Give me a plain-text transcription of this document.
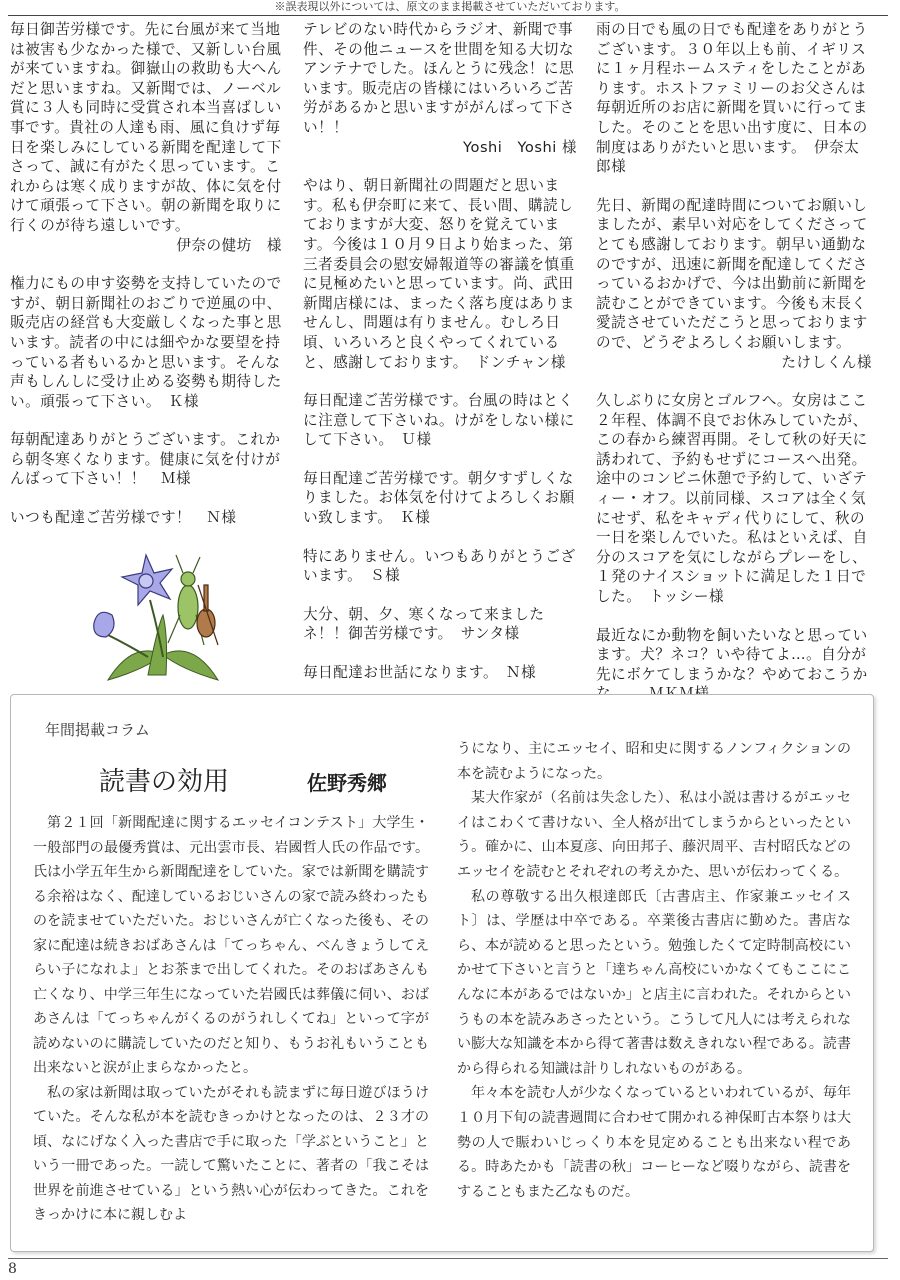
※誤表現以外については、原文のまま掲載させていただいております。
毎日御苦労様です。先に台風が来て当地は被害も少なかった様で、又新しい台風が来ていますね。御嶽山の救助も大へんだと思いますね。又新聞では、ノーベル賞に３人も同時に受賞され本当喜ばしい事です。貴社の人達も雨、風に負けず毎日を楽しみにしている新聞を配達して下さって、誠に有がたく思っています。これからは寒く成りますが故、体に気を付けて頑張って下さい。朝の新聞を取りに行くのが待ち遠しいです。
伊奈の健坊　様
権力にもの申す姿勢を支持していたのですが、朝日新聞社のおごりで逆風の中、販売店の経営も大変厳しくなった事と思います。読者の中には細やかな要望を持っている者もいるかと思います。そんな声もしんしに受け止める姿勢も期待したい。頑張って下さい。　Ｋ様
毎朝配達ありがとうございます。これから朝冬寒くなります。健康に気を付けがんばって下さい！！　Ｍ様
いつも配達ご苦労様です！　Ｎ様
テレビのない時代からラジオ、新聞で事件、その他ニュースを世間を知る大切なアンテナでした。ほんとうに残念！に思います。販売店の皆様にはいろいろご苦労があるかと思いますががんばって下さい！！
Yoshi　Yoshi 様
やはり、朝日新聞社の問題だと思います。私も伊奈町に来て、長い間、購読しておりますが大変、怒りを覚えています。今後は１０月９日より始まった、第三者委員会の慰安婦報道等の審議を慎重に見極めたいと思っています。尚、武田新聞店様には、まったく落ち度はありませんし、問題は有りません。むしろ日頃、いろいろと良くやってくれていると、感謝しております。　ドンチャン様
毎日配達ご苦労様です。台風の時はとくに注意して下さいね。けがをしない様にして下さい。　Ｕ様
毎日配達ご苦労様です。朝夕すずしくなりました。お体気を付けてよろしくお願い致します。　Ｋ様
特にありません。いつもありがとうございます。　Ｓ様
大分、朝、夕、寒くなって来ましたネ！！御苦労様です。　サンタ様
毎日配達お世話になります。　Ｎ様
雨の日でも風の日でも配達をありがとうございます。３０年以上も前、イギリスに１ヶ月程ホームスティをしたことがあります。ホストファミリーのお父さんは毎朝近所のお店に新聞を買いに行ってました。そのことを思い出す度に、日本の制度はありがたいと思います。　伊奈太郎様
先日、新聞の配達時間についてお願いしましたが、素早い対応をしてくださってとても感謝しております。朝早い通勤なのですが、迅速に新聞を配達してくださっているおかげで、今は出勤前に新聞を読むことができています。今後も末長く愛読させていただこうと思っておりますので、どうぞよろしくお願いします。
たけしくん様
久しぶりに女房とゴルフへ。女房はここ２年程、体調不良でお休みしていたが、この春から練習再開。そして秋の好天に誘われて、予約もせずにコースへ出発。途中のコンビニ休憩で予約して、いざティー・オフ。以前同様、スコアは全く気にせず、私をキャディ代りにして、秋の一日を楽しんでいた。私はといえば、自分のスコアを気にしながらプレーをし、１発のナイスショットに満足した１日でした。　トッシー様
最近なにか動物を飼いたいなと思っています。犬？ネコ？いや待てよ…。自分が先にボケてしまうかな？やめておこうか　
年間掲載コラム
読書の効用	佐野秀郷

第２１回「新聞配達に関するエッセイコンテスト」大学生・一般部門の最優秀賞は、元出雲市長、岩國哲人氏の作品です。氏は小学五年生から新聞配達をしていた。家では新聞を購読する余裕はなく、配達しているおじいさんの家で読み終わったものを読ませていただいた。おじいさんが亡くなった後も、その家に配達は続きおばあさんは「てっちゃん、べんきょうしてえらい子になれよ」とお茶まで出してくれた。そのおばあさんも亡くなり、中学三年生になっていた岩國氏は葬儀に伺い、おばあさんは「てっちゃんがくるのがうれしくてね」といって字が読めないのに購読していたのだと知り、もうお礼もいうことも出来ないと涙が止まらなかったと。

私の家は新聞は取っていたがそれも読まずに毎日遊びほうけていた。そんな私が本を読むきっかけとなったのは、２３才の頃、なにげなく入った書店で手に取った「学ぶということ」という一冊であった。一読して驚いたことに、著者の「我こそは世界を前進させている」という熱い心が伝わってきた。これをきっかけに本に親しむよ

うになり、主にエッセイ、昭和史に関するノンフィクションの本を読むようになった。

某大作家が（名前は失念した）、私は小説は書けるがエッセイはこわくて書けない、全人格が出てしまうからといったという。確かに、山本夏彦、向田邦子、藤沢周平、吉村昭氏などのエッセイを読むとそれぞれの考えかた、思いが伝わってくる。

私の尊敬する出久根達郎氏〔古書店主、作家兼エッセイスト〕は、学歴は中卒である。卒業後古書店に勤めた。書店なら、本が読めると思ったという。勉強したくて定時制高校にいかせて下さいと言うと「達ちゃん高校にいかなくてもここにこんなに本があるではないか」と店主に言われた。それからというもの本を読みあさったという。こうして凡人には考えられない膨大な知識を本から得て著書は数えきれない程である。読書から得られる知識は計りしれないものがある。

年々本を読む人が少なくなっているといわれているが、毎年１０月下旬の読書週間に合わせて開かれる神保町古本祭りは大勢の人で賑わいじっくり本を見定めることも出来ない程である。時あたかも「読書の秋」コーヒーなど啜りながら、読書をすることもまた乙なものだ。

8
